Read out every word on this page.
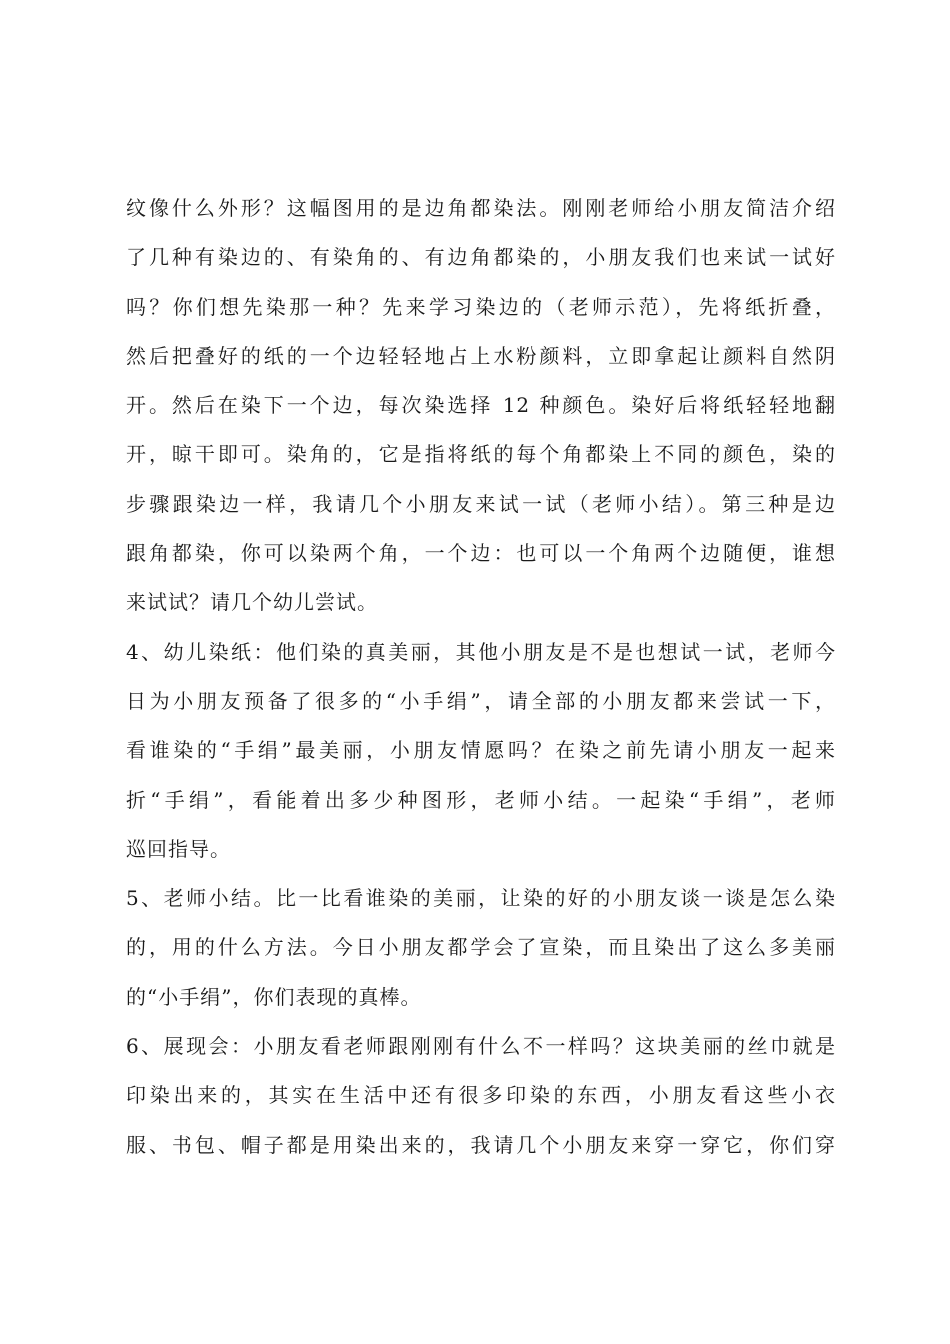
纹像什么外形？这幅图用的是边角都染法。刚刚老师给小朋友简洁介绍
了几种有染边的、有染角的、有边角都染的，小朋友我们也来试一试好
吗？你们想先染那一种？先来学习染边的（老师示范），先将纸折叠，
然后把叠好的纸的一个边轻轻地占上水粉颜料，立即拿起让颜料自然阴
开。然后在染下一个边，每次染选择 12 种颜色。染好后将纸轻轻地翻
开，晾干即可。染角的，它是指将纸的每个角都染上不同的颜色，染的
步骤跟染边一样，我请几个小朋友来试一试（老师小结）。第三种是边
跟角都染，你可以染两个角，一个边：也可以一个角两个边随便，谁想
来试试？请几个幼儿尝试。
4、幼儿染纸：他们染的真美丽，其他小朋友是不是也想试一试，老师今
日为小朋友预备了很多的“小手绢”，请全部的小朋友都来尝试一下，
看谁染的“手绢”最美丽，小朋友情愿吗？在染之前先请小朋友一起来
折“手绢”，看能着出多少种图形，老师小结。一起染“手绢”，老师
巡回指导。
5、老师小结。比一比看谁染的美丽，让染的好的小朋友谈一谈是怎么染
的，用的什么方法。今日小朋友都学会了宣染，而且染出了这么多美丽
的“小手绢”，你们表现的真棒。
6、展现会：小朋友看老师跟刚刚有什么不一样吗？这块美丽的丝巾就是
印染出来的，其实在生活中还有很多印染的东西，小朋友看这些小衣
服、书包、帽子都是用染出来的，我请几个小朋友来穿一穿它，你们穿
